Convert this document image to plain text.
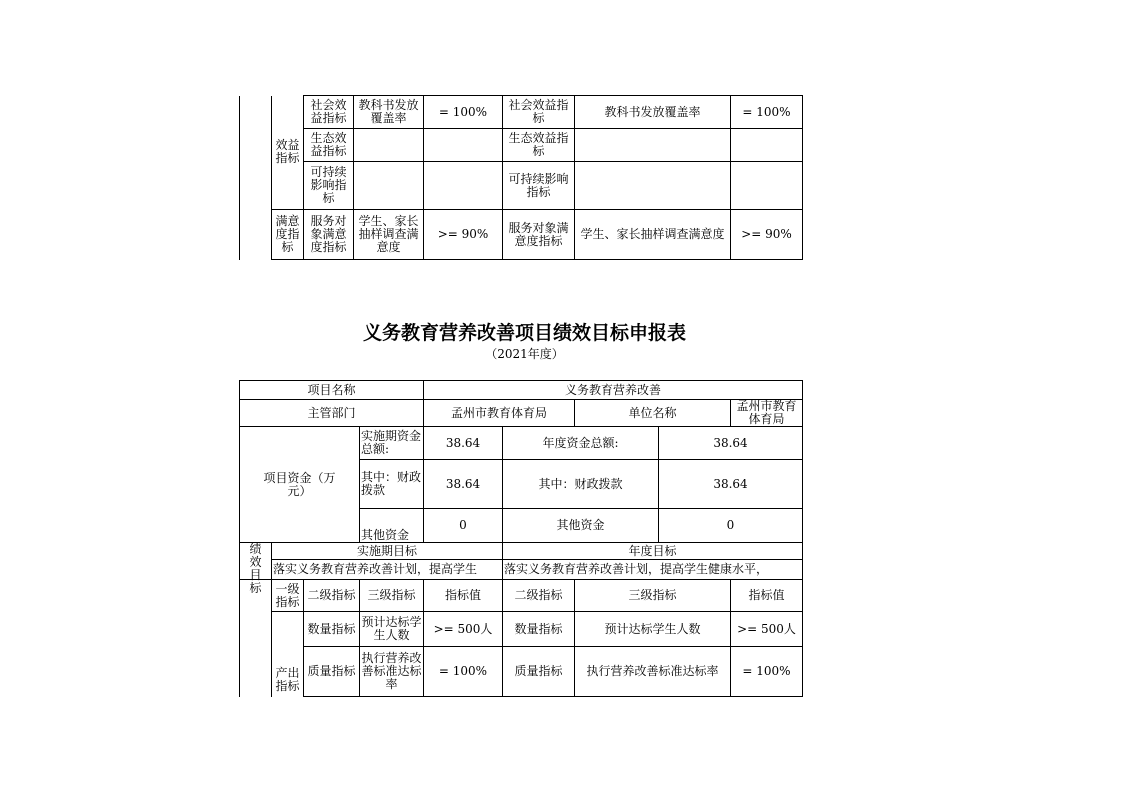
	效益指标	社会效益指标	教科书发放覆盖率	= 100%	社会效益指标	教科书发放覆盖率	= 100%
		生态效益指标			生态效益指标		
		可持续影响指标			可持续影响指标		
	满意度指标	服务对象满意度指标	学生、家长抽样调查满意度	>= 90%	服务对象满意度指标	学生、家长抽样调查满意度	>= 90%
义务教育营养改善项目绩效目标申报表
（2021年度）
项目名称				义务教育营养改善				
主管部门				孟州市教育体育局		单位名称		孟州市教育体育局
项目资金（万元）			实施期资金总额:	38.64	年度资金总额:		38.64	
			其中：财政拨款	38.64	其中：财政拨款		38.64	
			其他资金	0	其他资金		0	

绩效目标	实施期目标				年度目标			
	落实义务教育营养改善计划，提高学生				落实义务教育营养改善计划，提高学生健康水平，			
	一级指标	二级指标	三级指标	指标值	二级指标	三级指标		指标值

	产出指标	数量指标	预计达标学生人数	>= 500人	数量指标	预计达标学生人数		>= 500人
		质量指标	执行营养改善标准达标率	= 100%	质量指标	执行营养改善标准达标率		= 100%
